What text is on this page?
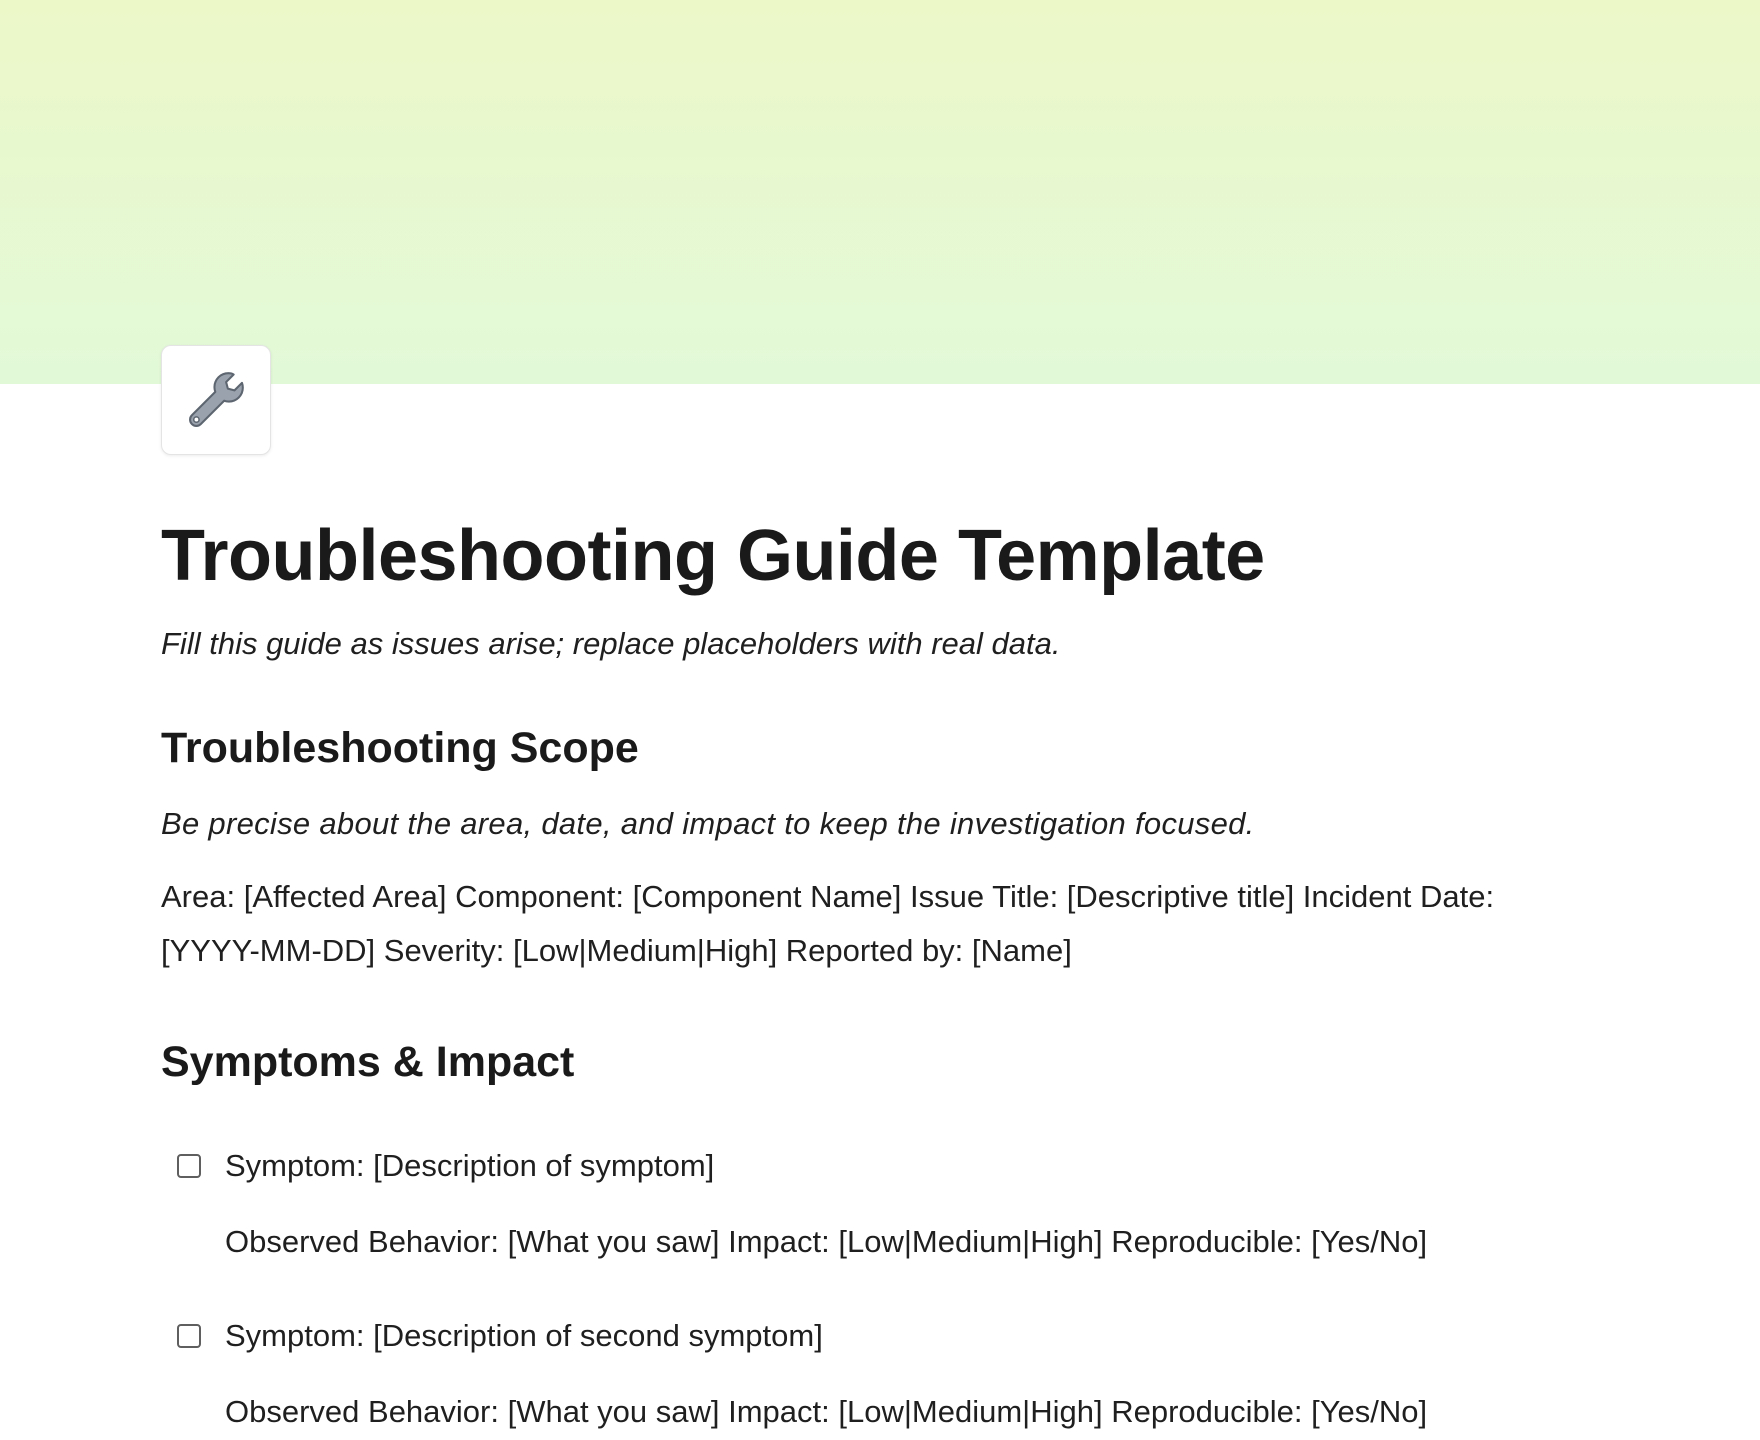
Troubleshooting Guide Template

Fill this guide as issues arise; replace placeholders with real data.

Troubleshooting Scope

Be precise about the area, date, and impact to keep the investigation focused.

Area: [Affected Area] Component: [Component Name] Issue Title: [Descriptive title] Incident Date: [YYYY-MM-DD] Severity: [Low|Medium|High] Reported by: [Name]

Symptoms & Impact
Symptom: [Description of symptom]
Observed Behavior: [What you saw] Impact: [Low|Medium|High] Reproducible: [Yes/No]
Symptom: [Description of second symptom]
Observed Behavior: [What you saw] Impact: [Low|Medium|High] Reproducible: [Yes/No]
